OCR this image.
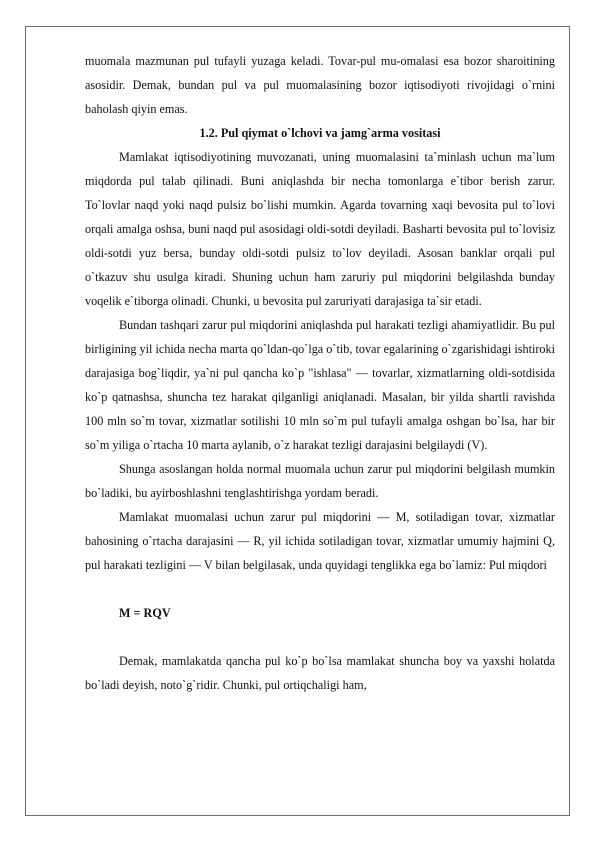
muomala mazmunan pul tufayli yuzaga keladi. Tovar-pul mu-omalasi esa bozor sharoitining asosidir. Demak, bundan pul va pul muomalasining bozor iqtisodiyoti rivojidagi o`rnini baholash qiyin emas.

1.2. Pul qiymat o`lchovi va jamg`arma vositasi

Mamlakat iqtisodiyotining muvozanati, uning muomalasini ta`minlash uchun ma`lum miqdorda pul talab qilinadi. Buni aniqlashda bir necha tomonlarga e`tibor berish zarur. To`lovlar naqd yoki naqd pulsiz bo`lishi mumkin. Agarda tovarning xaqi bevosita pul to`lovi orqali amalga oshsa, buni naqd pul asosidagi oldi-sotdi deyiladi. Basharti bevosita pul to`lovisiz oldi-sotdi yuz bersa, bunday oldi-sotdi pulsiz to`lov deyiladi. Asosan banklar orqali pul o`tkazuv shu usulga kiradi. Shuning uchun ham zaruriy pul miqdorini belgilashda bunday voqelik e`tiborga olinadi. Chunki, u bevosita pul zaruriyati darajasiga ta`sir etadi.

Bundan tashqari zarur pul miqdorini aniqlashda pul harakati tezligi ahamiyatlidir. Bu pul birligining yil ichida necha marta qo`ldan-qo`lga o`tib, tovar egalarining o`zgarishidagi ishtiroki darajasiga bog`liqdir, ya`ni pul qancha ko`p "ishlasa" — tovarlar, xizmatlarning oldi-sotdisida ko`p qatnashsa, shuncha tez harakat qilganligi aniqlanadi. Masalan, bir yilda shartli ravishda 100 mln so`m tovar, xizmatlar sotilishi 10 mln so`m pul tufayli amalga oshgan bo`lsa, har bir so`m yiliga o`rtacha 10 marta aylanib, o`z harakat tezligi darajasini belgilaydi (V).

Shunga asoslangan holda normal muomala uchun zarur pul miqdorini belgilash mumkin bo`ladiki, bu ayirboshlashni tenglashtirishga yordam beradi.

Mamlakat muomalasi uchun zarur pul miqdorini — M, sotiladigan tovar, xizmatlar bahosining o`rtacha darajasini — R, yil ichida sotiladigan tovar, xizmatlar umumiy hajmini Q, pul harakati tezligini — V bilan belgilasak, unda quyidagi tenglikka ega bo`lamiz: Pul miqdori

M = RQV

Demak, mamlakatda qancha pul ko`p bo`lsa mamlakat shuncha boy va yaxshi holatda bo`ladi deyish, noto`g`ridir. Chunki, pul ortiqchaligi ham,
